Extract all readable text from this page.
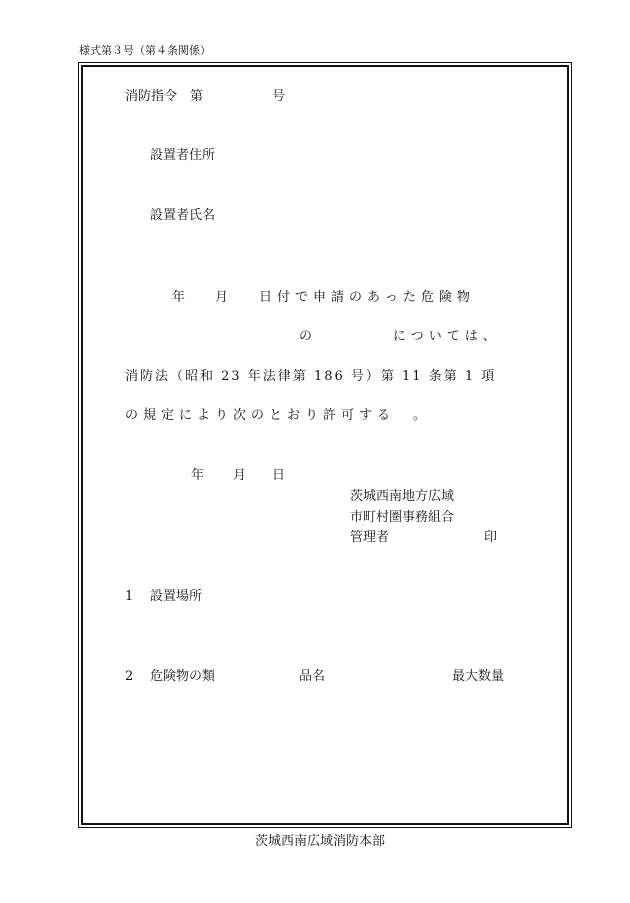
様式第３号（第４条関係）
消防指令　第	号
設置者住所
設置者氏名
年 月 日付で申請のあった危険物
の	については、
消防法（昭和 23 年法律第 186 号）第 11 条第 1 項
の規定により次のとおり許可する　。
年 月 日
茨城西南地方広域
市町村圏事務組合
管理者	印
1 設置場所
2 危険物の類	品名	最大数量
茨城西南広域消防本部
